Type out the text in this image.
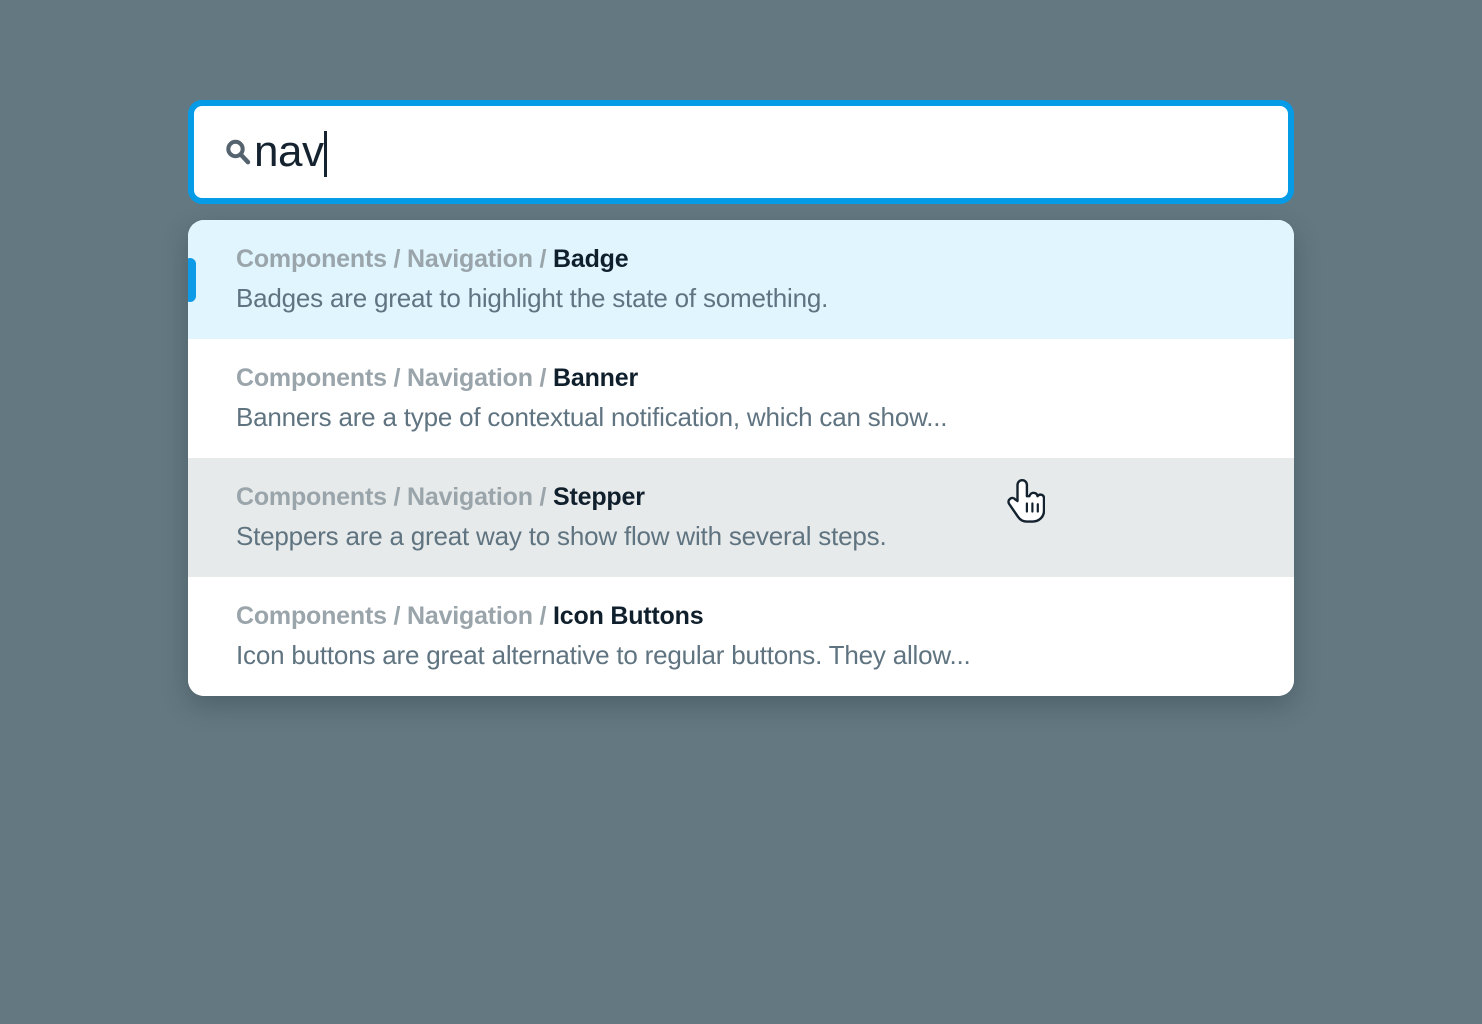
nav
Components / Navigation / Badge
Badges are great to highlight the state of something.
Components / Navigation / Banner
Banners are a type of contextual notification, which can show...
Components / Navigation / Stepper
Steppers are a great way to show flow with several steps.
Components / Navigation / Icon Buttons
Icon buttons are great alternative to regular buttons. They allow...
